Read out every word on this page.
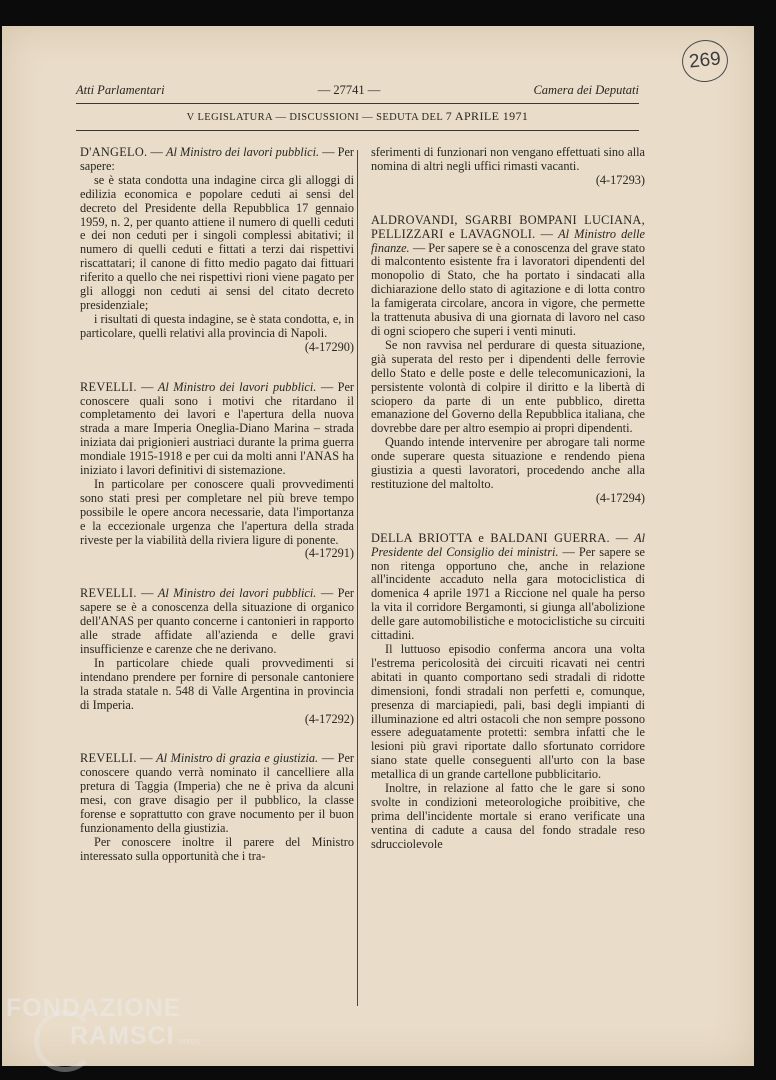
269
Atti Parlamentari	— 27741 —	Camera dei Deputati
V LEGISLATURA — DISCUSSIONI — SEDUTA DEL 7 APRILE 1971

D'ANGELO. — Al Ministro dei lavori pubblici. — Per sapere:

se è stata condotta una indagine circa gli alloggi di edilizia economica e popolare ceduti ai sensi del decreto del Presidente della Repubblica 17 gennaio 1959, n. 2, per quanto attiene il numero di quelli ceduti e dei non ceduti per i singoli complessi abitativi; il numero di quelli ceduti e fittati a terzi dai rispettivi riscattatari; il canone di fitto medio pagato dai fittuari riferito a quello che nei rispettivi rioni viene pagato per gli alloggi non ceduti ai sensi del citato decreto presidenziale;

i risultati di questa indagine, se è stata condotta, e, in particolare, quelli relativi alla provincia di Napoli.

(4-17290)

REVELLI. — Al Ministro dei lavori pubblici. — Per conoscere quali sono i motivi che ritardano il completamento dei lavori e l'apertura della nuova strada a mare Imperia Oneglia-Diano Marina – strada iniziata dai prigionieri austriaci durante la prima guerra mondiale 1915-1918 e per cui da molti anni l'ANAS ha iniziato i lavori definitivi di sistemazione.

In particolare per conoscere quali provvedimenti sono stati presi per completare nel più breve tempo possibile le opere ancora necessarie, data l'importanza e la eccezionale urgenza che l'apertura della strada riveste per la viabilità della riviera ligure di ponente.

(4-17291)

REVELLI. — Al Ministro dei lavori pubblici. — Per sapere se è a conoscenza della situazione di organico dell'ANAS per quanto concerne i cantonieri in rapporto alle strade affidate all'azienda e delle gravi insufficienze e carenze che ne derivano.

In particolare chiede quali provvedimenti si intendano prendere per fornire di personale cantoniere la strada statale n. 548 di Valle Argentina in provincia di Imperia.

(4-17292)

REVELLI. — Al Ministro di grazia e giustizia. — Per conoscere quando verrà nominato il cancelliere alla pretura di Taggia (Imperia) che ne è priva da alcuni mesi, con grave disagio per il pubblico, la classe forense e soprattutto con grave nocumento per il buon funzionamento della giustizia.

Per conoscere inoltre il parere del Ministro interessato sulla opportunità che i tra-

sferimenti di funzionari non vengano effettuati sino alla nomina di altri negli uffici rimasti vacanti.

(4-17293)

ALDROVANDI, SGARBI BOMPANI LUCIANA, PELLIZZARI e LAVAGNOLI. — Al Ministro delle finanze. — Per sapere se è a conoscenza del grave stato di malcontento esistente fra i lavoratori dipendenti del monopolio di Stato, che ha portato i sindacati alla dichiarazione dello stato di agitazione e di lotta contro la famigerata circolare, ancora in vigore, che permette la trattenuta abusiva di una giornata di lavoro nel caso di ogni sciopero che superi i venti minuti.

Se non ravvisa nel perdurare di questa situazione, già superata del resto per i dipendenti delle ferrovie dello Stato e delle poste e delle telecomunicazioni, la persistente volontà di colpire il diritto e la libertà di sciopero da parte di un ente pubblico, diretta emanazione del Governo della Repubblica italiana, che dovrebbe dare per altro esempio ai propri dipendenti.

Quando intende intervenire per abrogare tali norme onde superare questa situazione e rendendo piena giustizia a questi lavoratori, procedendo anche alla restituzione del maltolto.

(4-17294)

DELLA BRIOTTA e BALDANI GUERRA. — Al Presidente del Consiglio dei ministri. — Per sapere se non ritenga opportuno che, anche in relazione all'incidente accaduto nella gara motociclistica di domenica 4 aprile 1971 a Riccione nel quale ha perso la vita il corridore Bergamonti, si giunga all'abolizione delle gare automobilistiche e motociclistiche su circuiti cittadini.

Il luttuoso episodio conferma ancora una volta l'estrema pericolosità dei circuiti ricavati nei centri abitati in quanto comportano sedi stradali di ridotte dimensioni, fondi stradali non perfetti e, comunque, presenza di marciapiedi, pali, basi degli impianti di illuminazione ed altri ostacoli che non sempre possono essere adeguatamente protetti: sembra infatti che le lesioni più gravi riportate dallo sfortunato corridore siano state quelle conseguenti all'urto con la base metallica di un grande cartellone pubblicitario.

Inoltre, in relazione al fatto che le gare si sono svolte in condizioni meteorologiche proibitive, che prima dell'incidente mortale si erano verificate una ventina di cadute a causa del fondo stradale reso sdrucciolevole

FONDAZIONE
RAMSCI onlus
